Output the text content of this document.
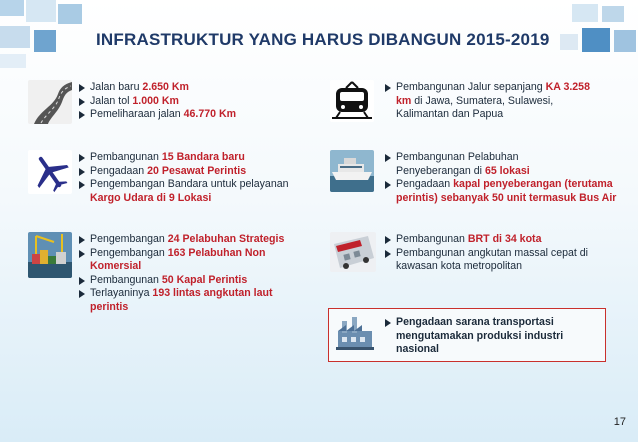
INFRASTRUKTUR YANG HARUS DIBANGUN 2015-2019
Jalan baru 2.650 Km
Jalan tol 1.000 Km
Pemeliharaan jalan 46.770 Km
Pembangunan Jalur sepanjang KA 3.258 km di Jawa, Sumatera, Sulawesi, Kalimantan dan Papua
Pembangunan 15 Bandara baru
Pengadaan 20 Pesawat Perintis
Pengembangan Bandara untuk pelayanan Kargo Udara di 9 Lokasi
Pembangunan Pelabuhan Penyeberangan di 65 lokasi
Pengadaan kapal penyeberangan (terutama perintis) sebanyak 50 unit termasuk Bus Air
Pengembangan 24 Pelabuhan Strategis
Pengembangan 163 Pelabuhan Non Komersial
Pembangunan 50 Kapal Perintis
Terlayaninya 193 lintas angkutan laut perintis
Pembangunan BRT di 34 kota
Pembangunan angkutan massal cepat di kawasan kota metropolitan
Pengadaan sarana transportasi mengutamakan produksi industri nasional
17
